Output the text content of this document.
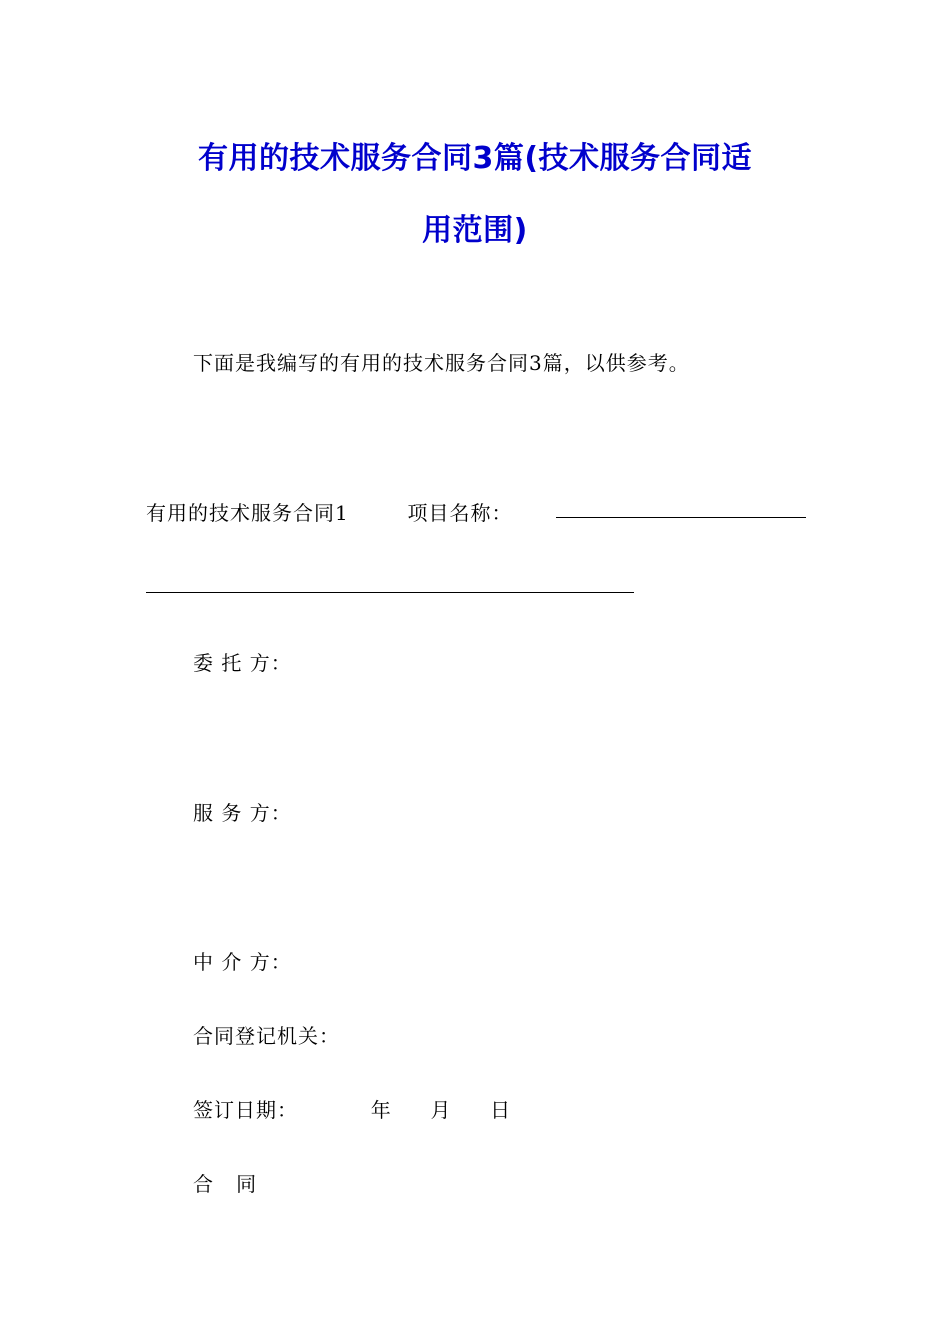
有用的技术服务合同3篇(技术服务合同适
用范围)
下面是我编写的有用的技术服务合同3篇，以供参考。
有用的技术服务合同1	项目名称：
委 托 方：
服 务 方：
中 介 方：
合同登记机关：
签订日期：	年 月 日
合   同
